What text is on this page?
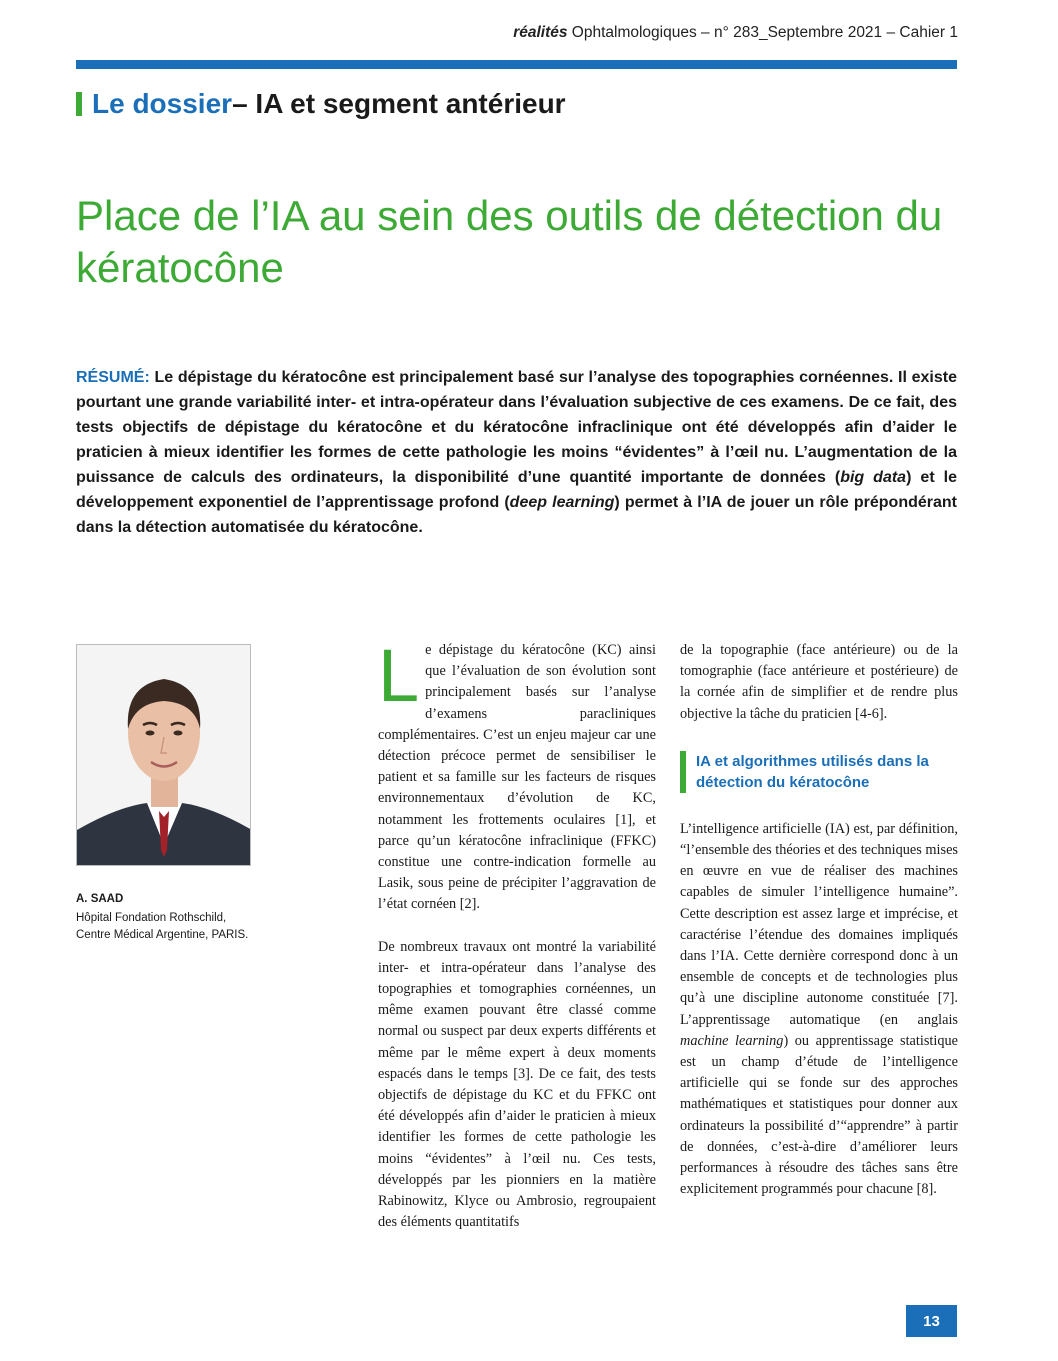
réalités Ophtalmologiques – n° 283_Septembre 2021 – Cahier 1
Le dossier – IA et segment antérieur
Place de l’IA au sein des outils de détection du kératocône

RÉSUMÉ: Le dépistage du kératocône est principalement basé sur l’analyse des topographies cornéennes. Il existe pourtant une grande variabilité inter- et intra-opérateur dans l’évaluation subjective de ces examens. De ce fait, des tests objectifs de dépistage du kératocône et du kératocône infraclinique ont été développés afin d’aider le praticien à mieux identifier les formes de cette pathologie les moins “évidentes” à l’œil nu. L’augmentation de la puissance de calculs des ordinateurs, la disponibilité d’une quantité importante de données (big data) et le développement exponentiel de l’apprentissage profond (deep learning) permet à l’IA de jouer un rôle prépondérant dans la détection automatisée du kératocône.

A. SAAD
Hôpital Fondation Rothschild,
Centre Médical Argentine, PARIS.

Le dépistage du kératocône (KC) ainsi que l’évaluation de son évolution sont principalement basés sur l’analyse d’examens paracliniques complémentaires. C’est un enjeu majeur car une détection précoce permet de sensibiliser le patient et sa famille sur les facteurs de risques environnementaux d’évolution de KC, notamment les frottements oculaires [1], et parce qu’un kératocône infraclinique (FFKC) constitue une contre-indication formelle au Lasik, sous peine de précipiter l’aggravation de l’état cornéen [2].

De nombreux travaux ont montré la variabilité inter- et intra-opérateur dans l’analyse des topographies et tomographies cornéennes, un même examen pouvant être classé comme normal ou suspect par deux experts différents et même par le même expert à deux moments espacés dans le temps [3]. De ce fait, des tests objectifs de dépistage du KC et du FFKC ont été développés afin d’aider le praticien à mieux identifier les formes de cette pathologie les moins “évidentes” à l’œil nu. Ces tests, développés par les pionniers en la matière Rabinowitz, Klyce ou Ambrosio, regroupaient des éléments quantitatifs

de la topographie (face antérieure) ou de la tomographie (face antérieure et postérieure) de la cornée afin de simplifier et de rendre plus objective la tâche du praticien [4-6].

IA et algorithmes utilisés dans la détection du kératocône

L’intelligence artificielle (IA) est, par définition, “l’ensemble des théories et des techniques mises en œuvre en vue de réaliser des machines capables de simuler l’intelligence humaine”. Cette description est assez large et imprécise, et caractérise l’étendue des domaines impliqués dans l’IA. Cette dernière correspond donc à un ensemble de concepts et de technologies plus qu’à une discipline autonome constituée [7]. L’apprentissage automatique (en anglais machine learning) ou apprentissage statistique est un champ d’étude de l’intelligence artificielle qui se fonde sur des approches mathématiques et statistiques pour donner aux ordinateurs la possibilité d’“apprendre” à partir de données, c’est-à-dire d’améliorer leurs performances à résoudre des tâches sans être explicitement programmés pour chacune [8].

13
